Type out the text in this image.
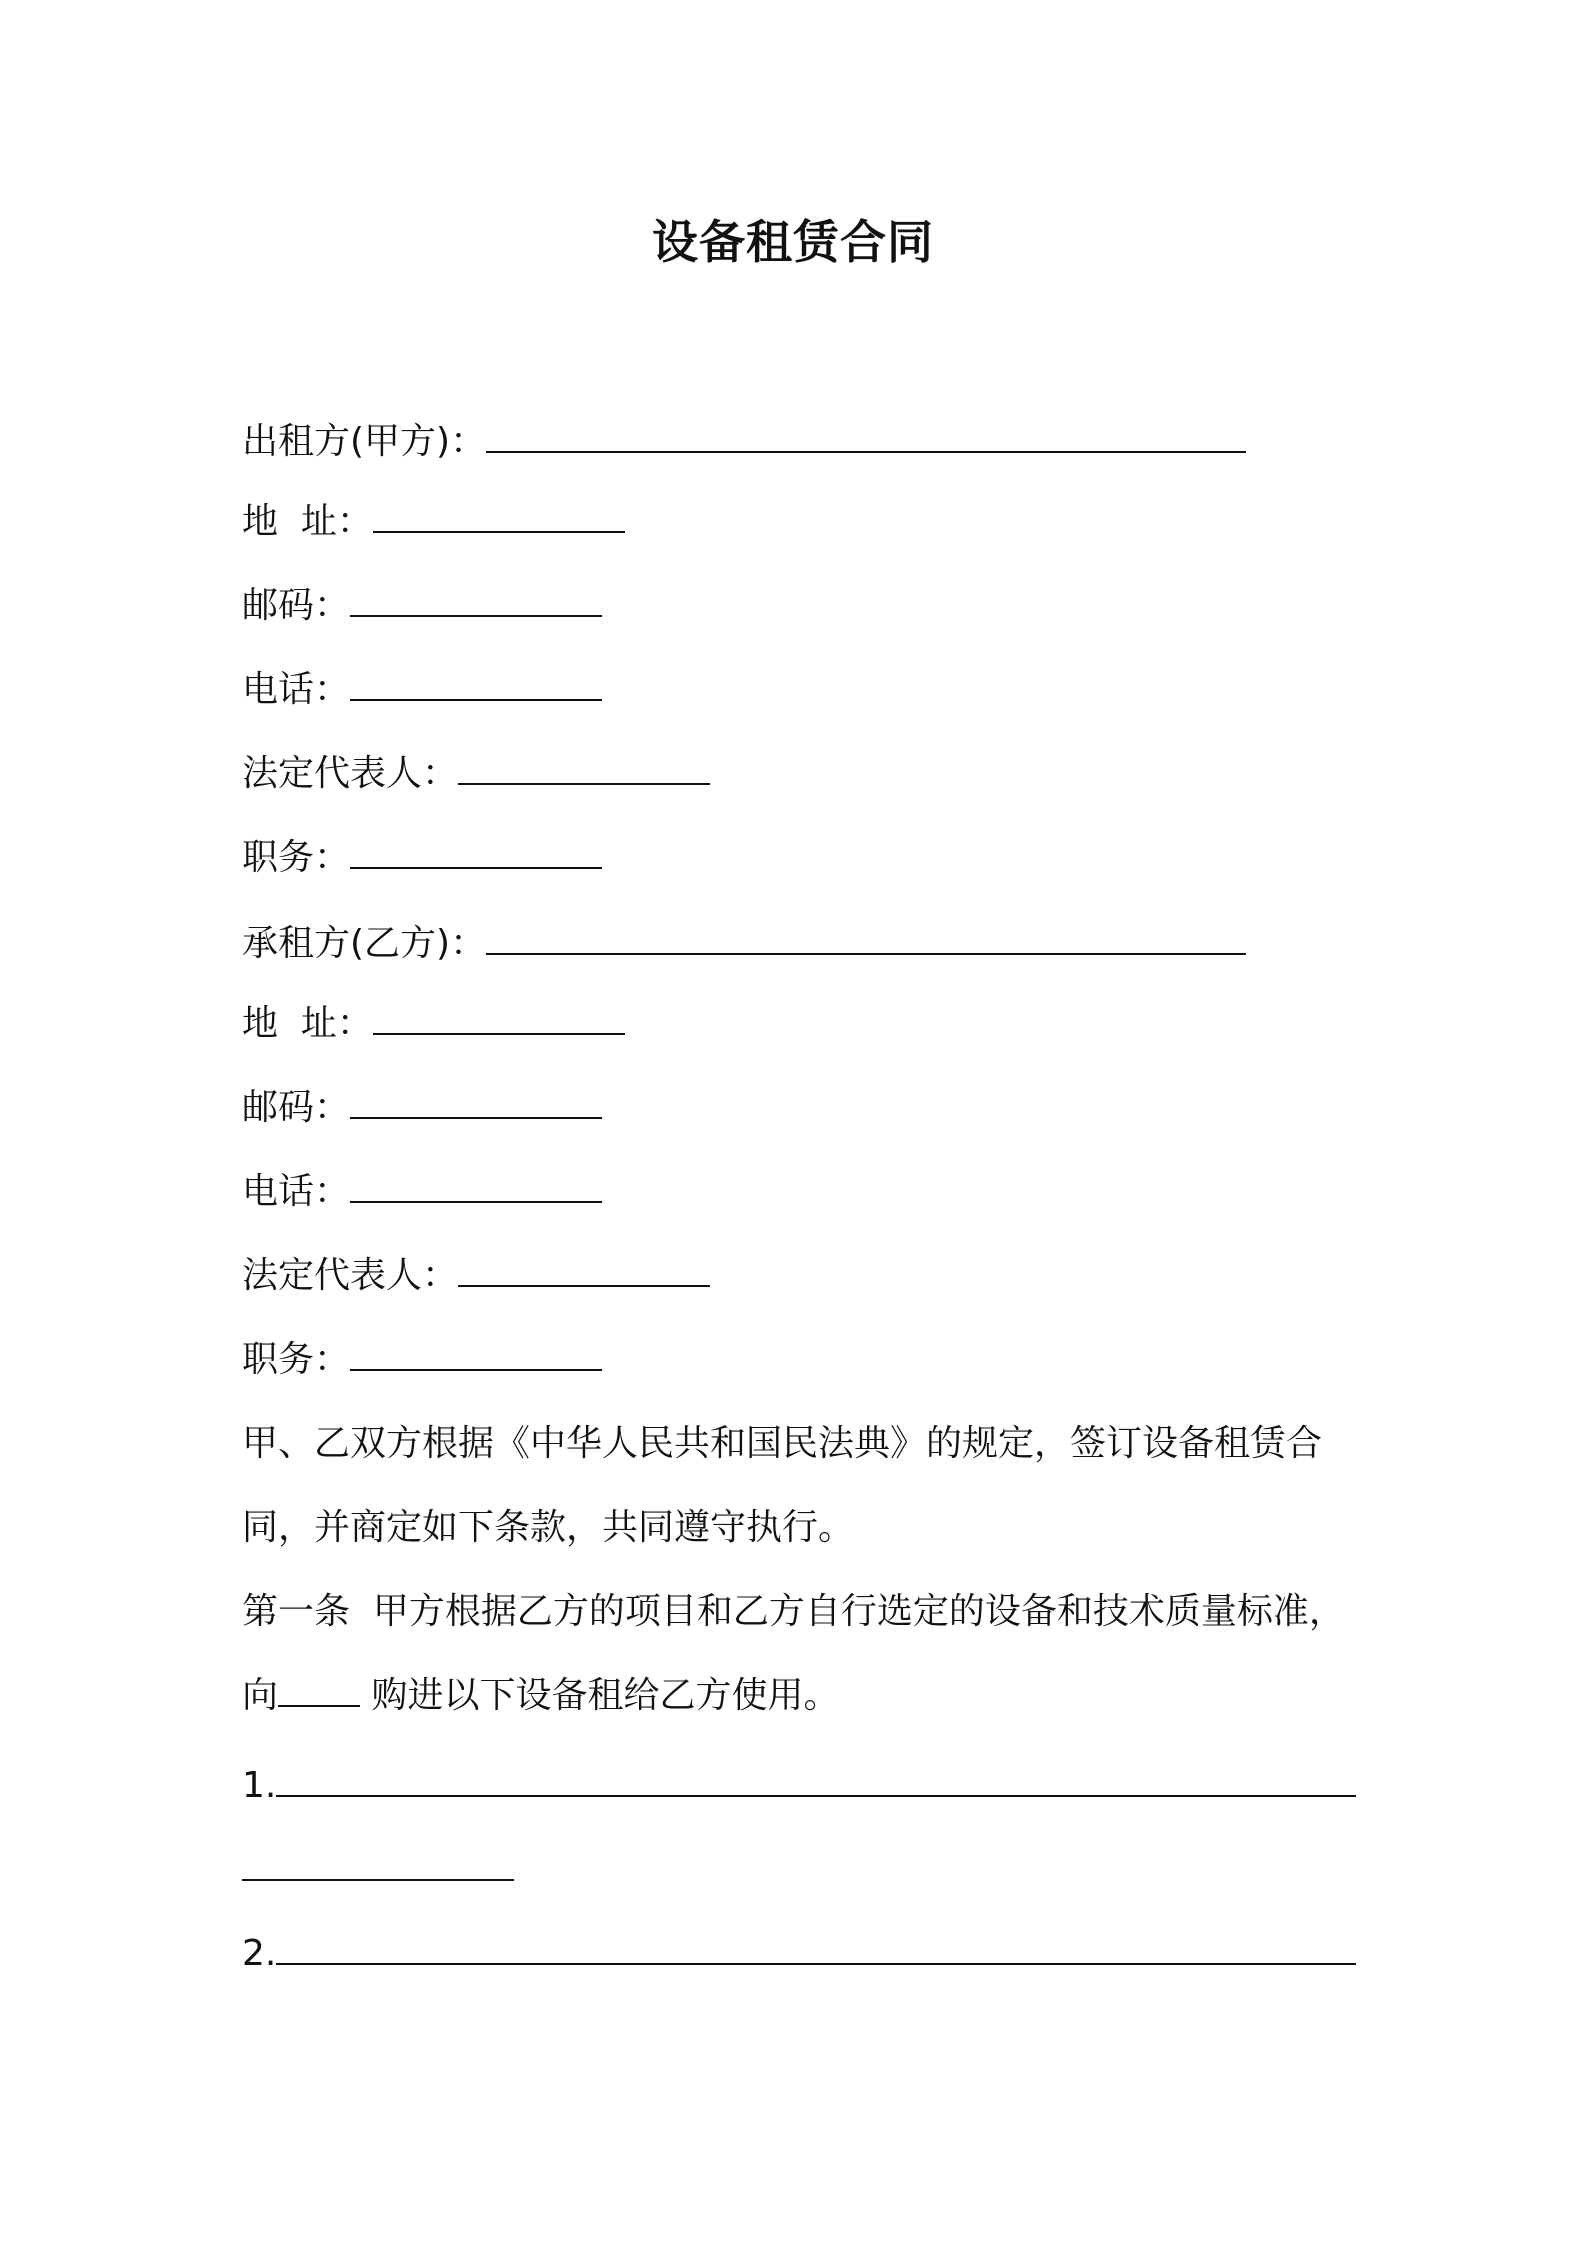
设备租赁合同
出租方(甲方)：
地  址：
邮码：
电话：
法定代表人：
职务：
承租方(乙方)：
地  址：
邮码：
电话：
法定代表人：
职务：
甲、乙双方根据《中华人民共和国民法典》的规定，签订设备租赁合
同，并商定如下条款，共同遵守执行。
第一条  甲方根据乙方的项目和乙方自行选定的设备和技术质量标准，
向 购进以下设备租给乙方使用。
1.
2.
